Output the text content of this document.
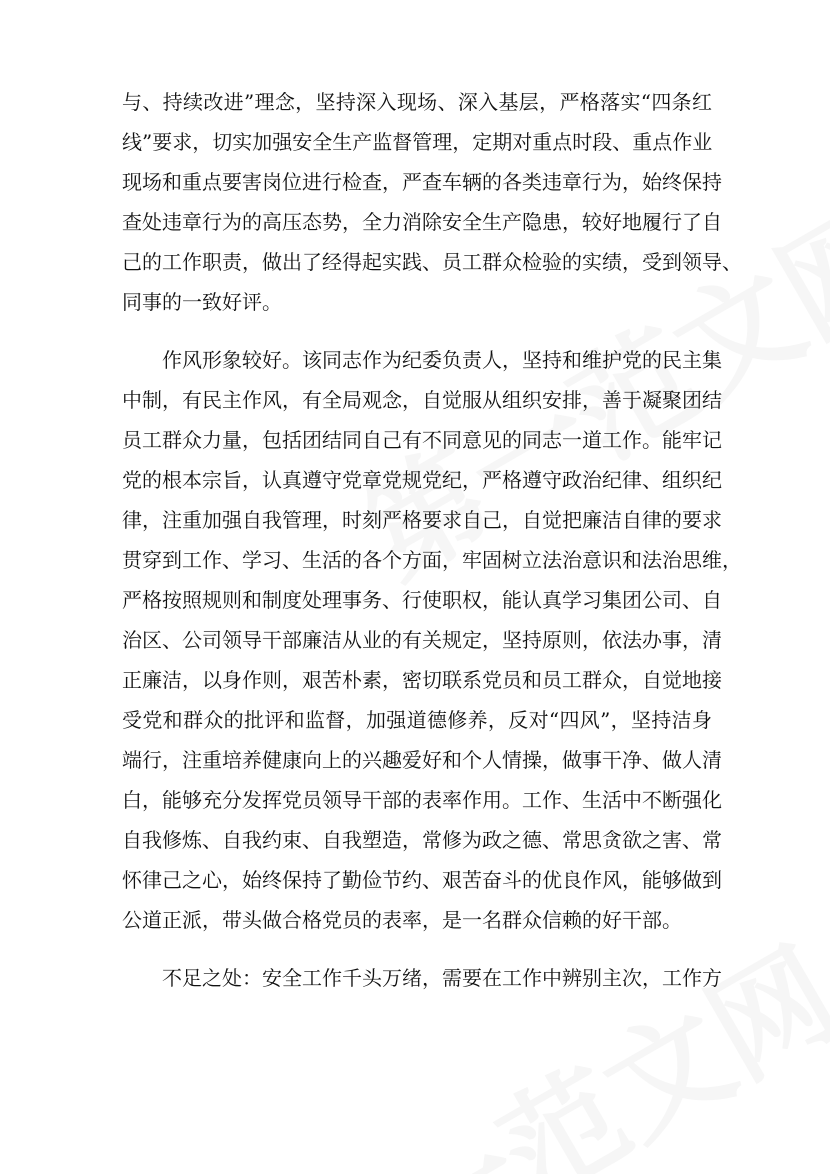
与、持续改进”理念，坚持深入现场、深入基层，严格落实“四条红
线”要求，切实加强安全生产监督管理，定期对重点时段、重点作业
现场和重点要害岗位进行检查，严查车辆的各类违章行为，始终保持
查处违章行为的高压态势，全力消除安全生产隐患，较好地履行了自
己的工作职责，做出了经得起实践、员工群众检验的实绩，受到领导、
同事的一致好评。
作风形象较好。该同志作为纪委负责人，坚持和维护党的民主集
中制，有民主作风，有全局观念，自觉服从组织安排，善于凝聚团结
员工群众力量，包括团结同自己有不同意见的同志一道工作。能牢记
党的根本宗旨，认真遵守党章党规党纪，严格遵守政治纪律、组织纪
律，注重加强自我管理，时刻严格要求自己，自觉把廉洁自律的要求
贯穿到工作、学习、生活的各个方面，牢固树立法治意识和法治思维，
严格按照规则和制度处理事务、行使职权，能认真学习集团公司、自
治区、公司领导干部廉洁从业的有关规定，坚持原则，依法办事，清
正廉洁，以身作则，艰苦朴素，密切联系党员和员工群众，自觉地接
受党和群众的批评和监督，加强道德修养，反对“四风”，坚持洁身
端行，注重培养健康向上的兴趣爱好和个人情操，做事干净、做人清
白，能够充分发挥党员领导干部的表率作用。工作、生活中不断强化
自我修炼、自我约束、自我塑造，常修为政之德、常思贪欲之害、常
怀律己之心，始终保持了勤俭节约、艰苦奋斗的优良作风，能够做到
公道正派，带头做合格党员的表率，是一名群众信赖的好干部。
不足之处：安全工作千头万绪，需要在工作中辨别主次，工作方
